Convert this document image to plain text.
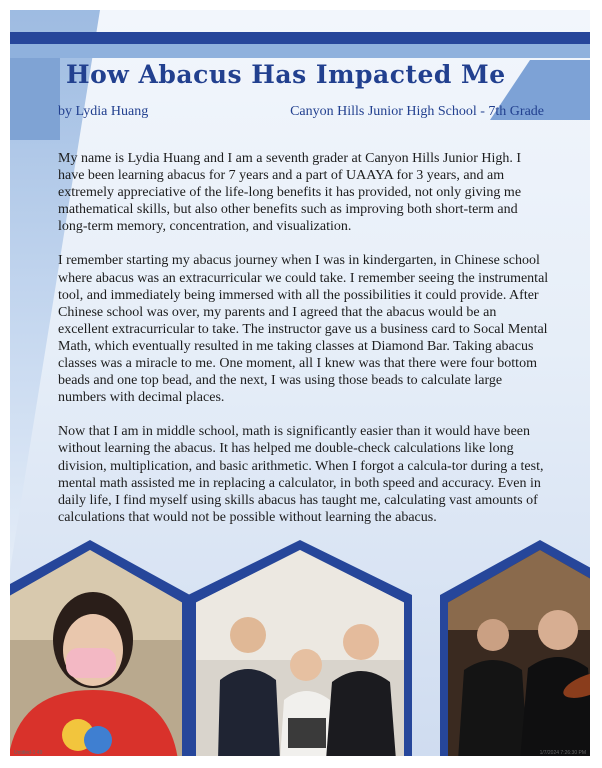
How Abacus Has Impacted Me
by Lydia Huang	Canyon Hills Junior High School - 7th Grade

My name is Lydia Huang and I am a seventh grader at Canyon Hills Junior High. I have been learning abacus for 7 years and a part of UAAYA for 3 years, and am extremely appreciative of the life-long benefits it has provided, not only giving me mathematical skills, but also other benefits such as improving both short-term and long-term memory, concentration, and visualization.

I remember starting my abacus journey when I was in kindergarten, in Chinese school where abacus was an extracurricular we could take. I remember seeing the instrumental tool, and immediately being immersed with all the possibilities it could provide. After Chinese school was over, my parents and I agreed that the abacus would be an excellent extracurricular to take. The instructor gave us a business card to Socal Mental Math, which eventually resulted in me taking classes at Diamond Bar. Taking abacus classes was a miracle to me. One moment, all I knew was that there were four bottom beads and one top bead, and the next, I was using those beads to calculate large numbers with decimal places.

Now that I am in middle school, math is significantly easier than it would have been without learning the abacus. It has helped me double-check calculations like long division, multiplication, and basic arithmetic. When I forgot a calcula-tor during a test, mental math assisted me in replacing a calculator, in both speed and accuracy. Even in daily life, I find myself using skills abacus has taught me, calculating vast amounts of calculations that would not be possible without learning the abacus.

Untitled-1 49	1/7/2024 7:26:30 PM
